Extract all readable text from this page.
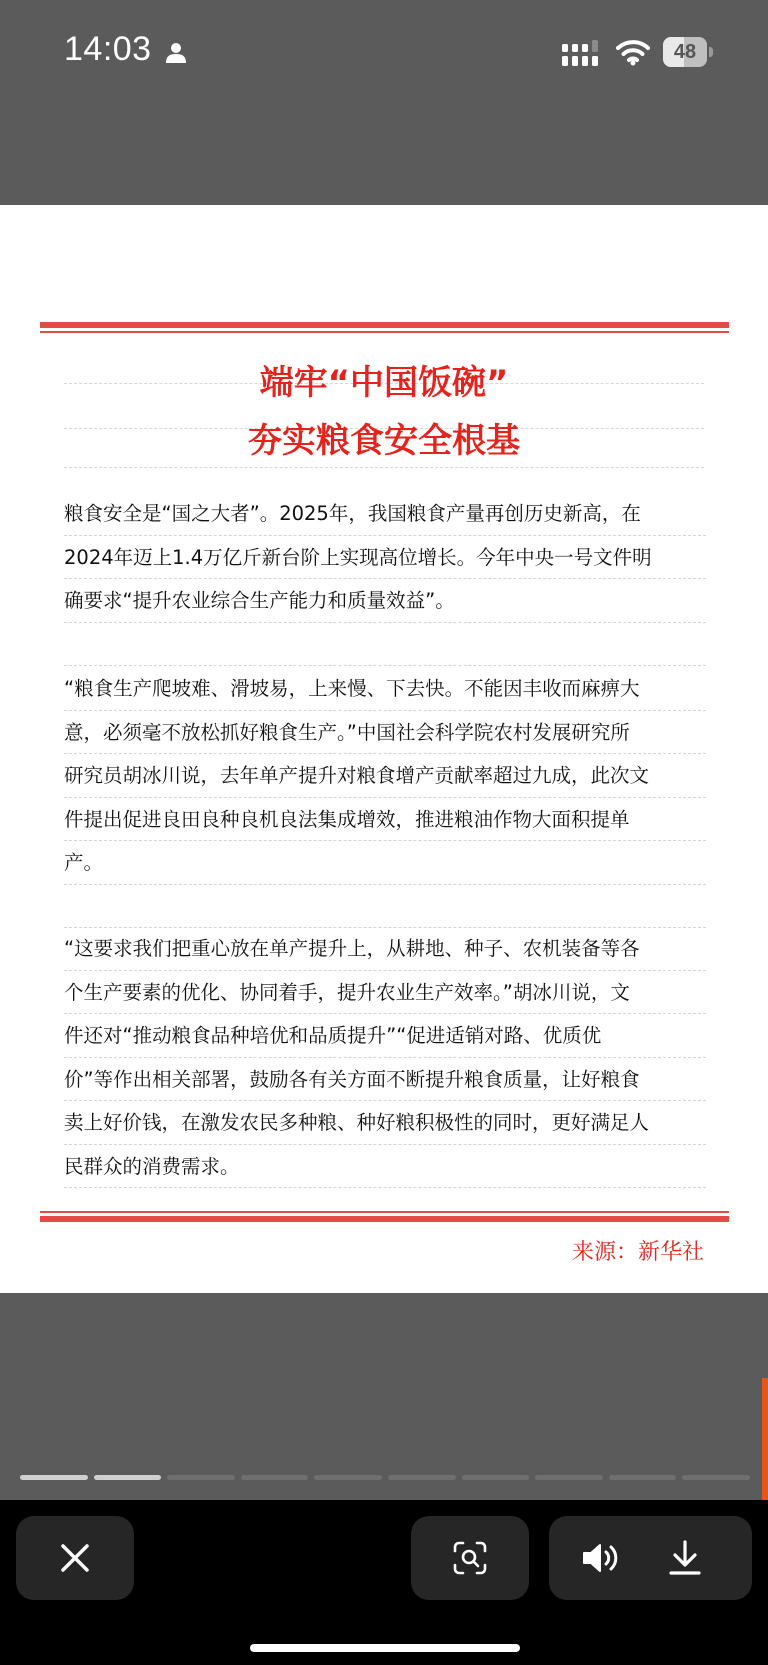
14:03	48
端牢“中国饭碗”
夯实粮食安全根基
粮食安全是“国之大者”。2025年，我国粮食产量再创历史新高，在
2024年迈上1.4万亿斤新台阶上实现高位增长。今年中央一号文件明
确要求“提升农业综合生产能力和质量效益”。
“粮食生产爬坡难、滑坡易，上来慢、下去快。不能因丰收而麻痹大
意，必须毫不放松抓好粮食生产。”中国社会科学院农村发展研究所
研究员胡冰川说，去年单产提升对粮食增产贡献率超过九成，此次文
件提出促进良田良种良机良法集成增效，推进粮油作物大面积提单
产。
“这要求我们把重心放在单产提升上，从耕地、种子、农机装备等各
个生产要素的优化、协同着手，提升农业生产效率。”胡冰川说，文
件还对“推动粮食品种培优和品质提升”“促进适销对路、优质优
价”等作出相关部署，鼓励各有关方面不断提升粮食质量，让好粮食
卖上好价钱，在激发农民多种粮、种好粮积极性的同时，更好满足人
民群众的消费需求。
来源：新华社
